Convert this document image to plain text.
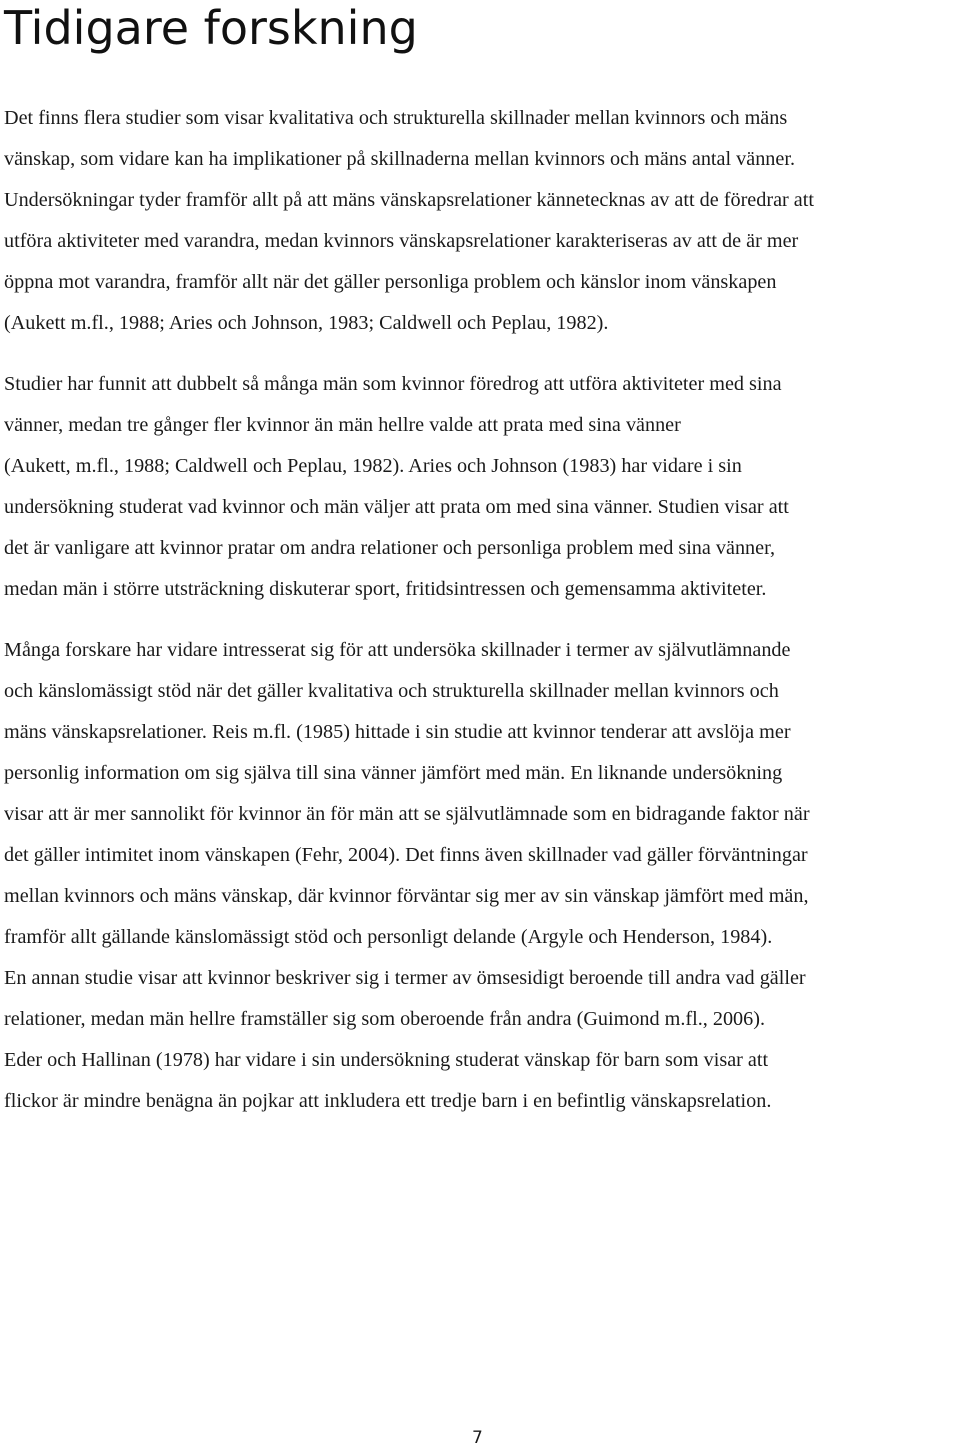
Tidigare forskning

Det finns flera studier som visar kvalitativa och strukturella skillnader mellan kvinnors och mäns
vänskap, som vidare kan ha implikationer på skillnaderna mellan kvinnors och mäns antal vänner.
Undersökningar tyder framför allt på att mäns vänskapsrelationer kännetecknas av att de föredrar att
utföra aktiviteter med varandra, medan kvinnors vänskapsrelationer karakteriseras av att de är mer
öppna mot varandra, framför allt när det gäller personliga problem och känslor inom vänskapen
(Aukett m.fl., 1988; Aries och Johnson, 1983; Caldwell och Peplau, 1982).

Studier har funnit att dubbelt så många män som kvinnor föredrog att utföra aktiviteter med sina
vänner, medan tre gånger fler kvinnor än män hellre valde att prata med sina vänner
(Aukett, m.fl., 1988; Caldwell och Peplau, 1982). Aries och Johnson (1983) har vidare i sin
undersökning studerat vad kvinnor och män väljer att prata om med sina vänner. Studien visar att
det är vanligare att kvinnor pratar om andra relationer och personliga problem med sina vänner,
medan män i större utsträckning diskuterar sport, fritidsintressen och gemensamma aktiviteter.

Många forskare har vidare intresserat sig för att undersöka skillnader i termer av självutlämnande
och känslomässigt stöd när det gäller kvalitativa och strukturella skillnader mellan kvinnors och
mäns vänskapsrelationer. Reis m.fl. (1985) hittade i sin studie att kvinnor tenderar att avslöja mer
personlig information om sig själva till sina vänner jämfört med män. En liknande undersökning
visar att är mer sannolikt för kvinnor än för män att se självutlämnade som en bidragande faktor när
det gäller intimitet inom vänskapen (Fehr, 2004). Det finns även skillnader vad gäller förväntningar
mellan kvinnors och mäns vänskap, där kvinnor förväntar sig mer av sin vänskap jämfört med män,
framför allt gällande känslomässigt stöd och personligt delande (Argyle och Henderson, 1984).
En annan studie visar att kvinnor beskriver sig i termer av ömsesidigt beroende till andra vad gäller
relationer, medan män hellre framställer sig som oberoende från andra (Guimond m.fl., 2006).
Eder och Hallinan (1978) har vidare i sin undersökning studerat vänskap för barn som visar att
flickor är mindre benägna än pojkar att inkludera ett tredje barn i en befintlig vänskapsrelation.

7
